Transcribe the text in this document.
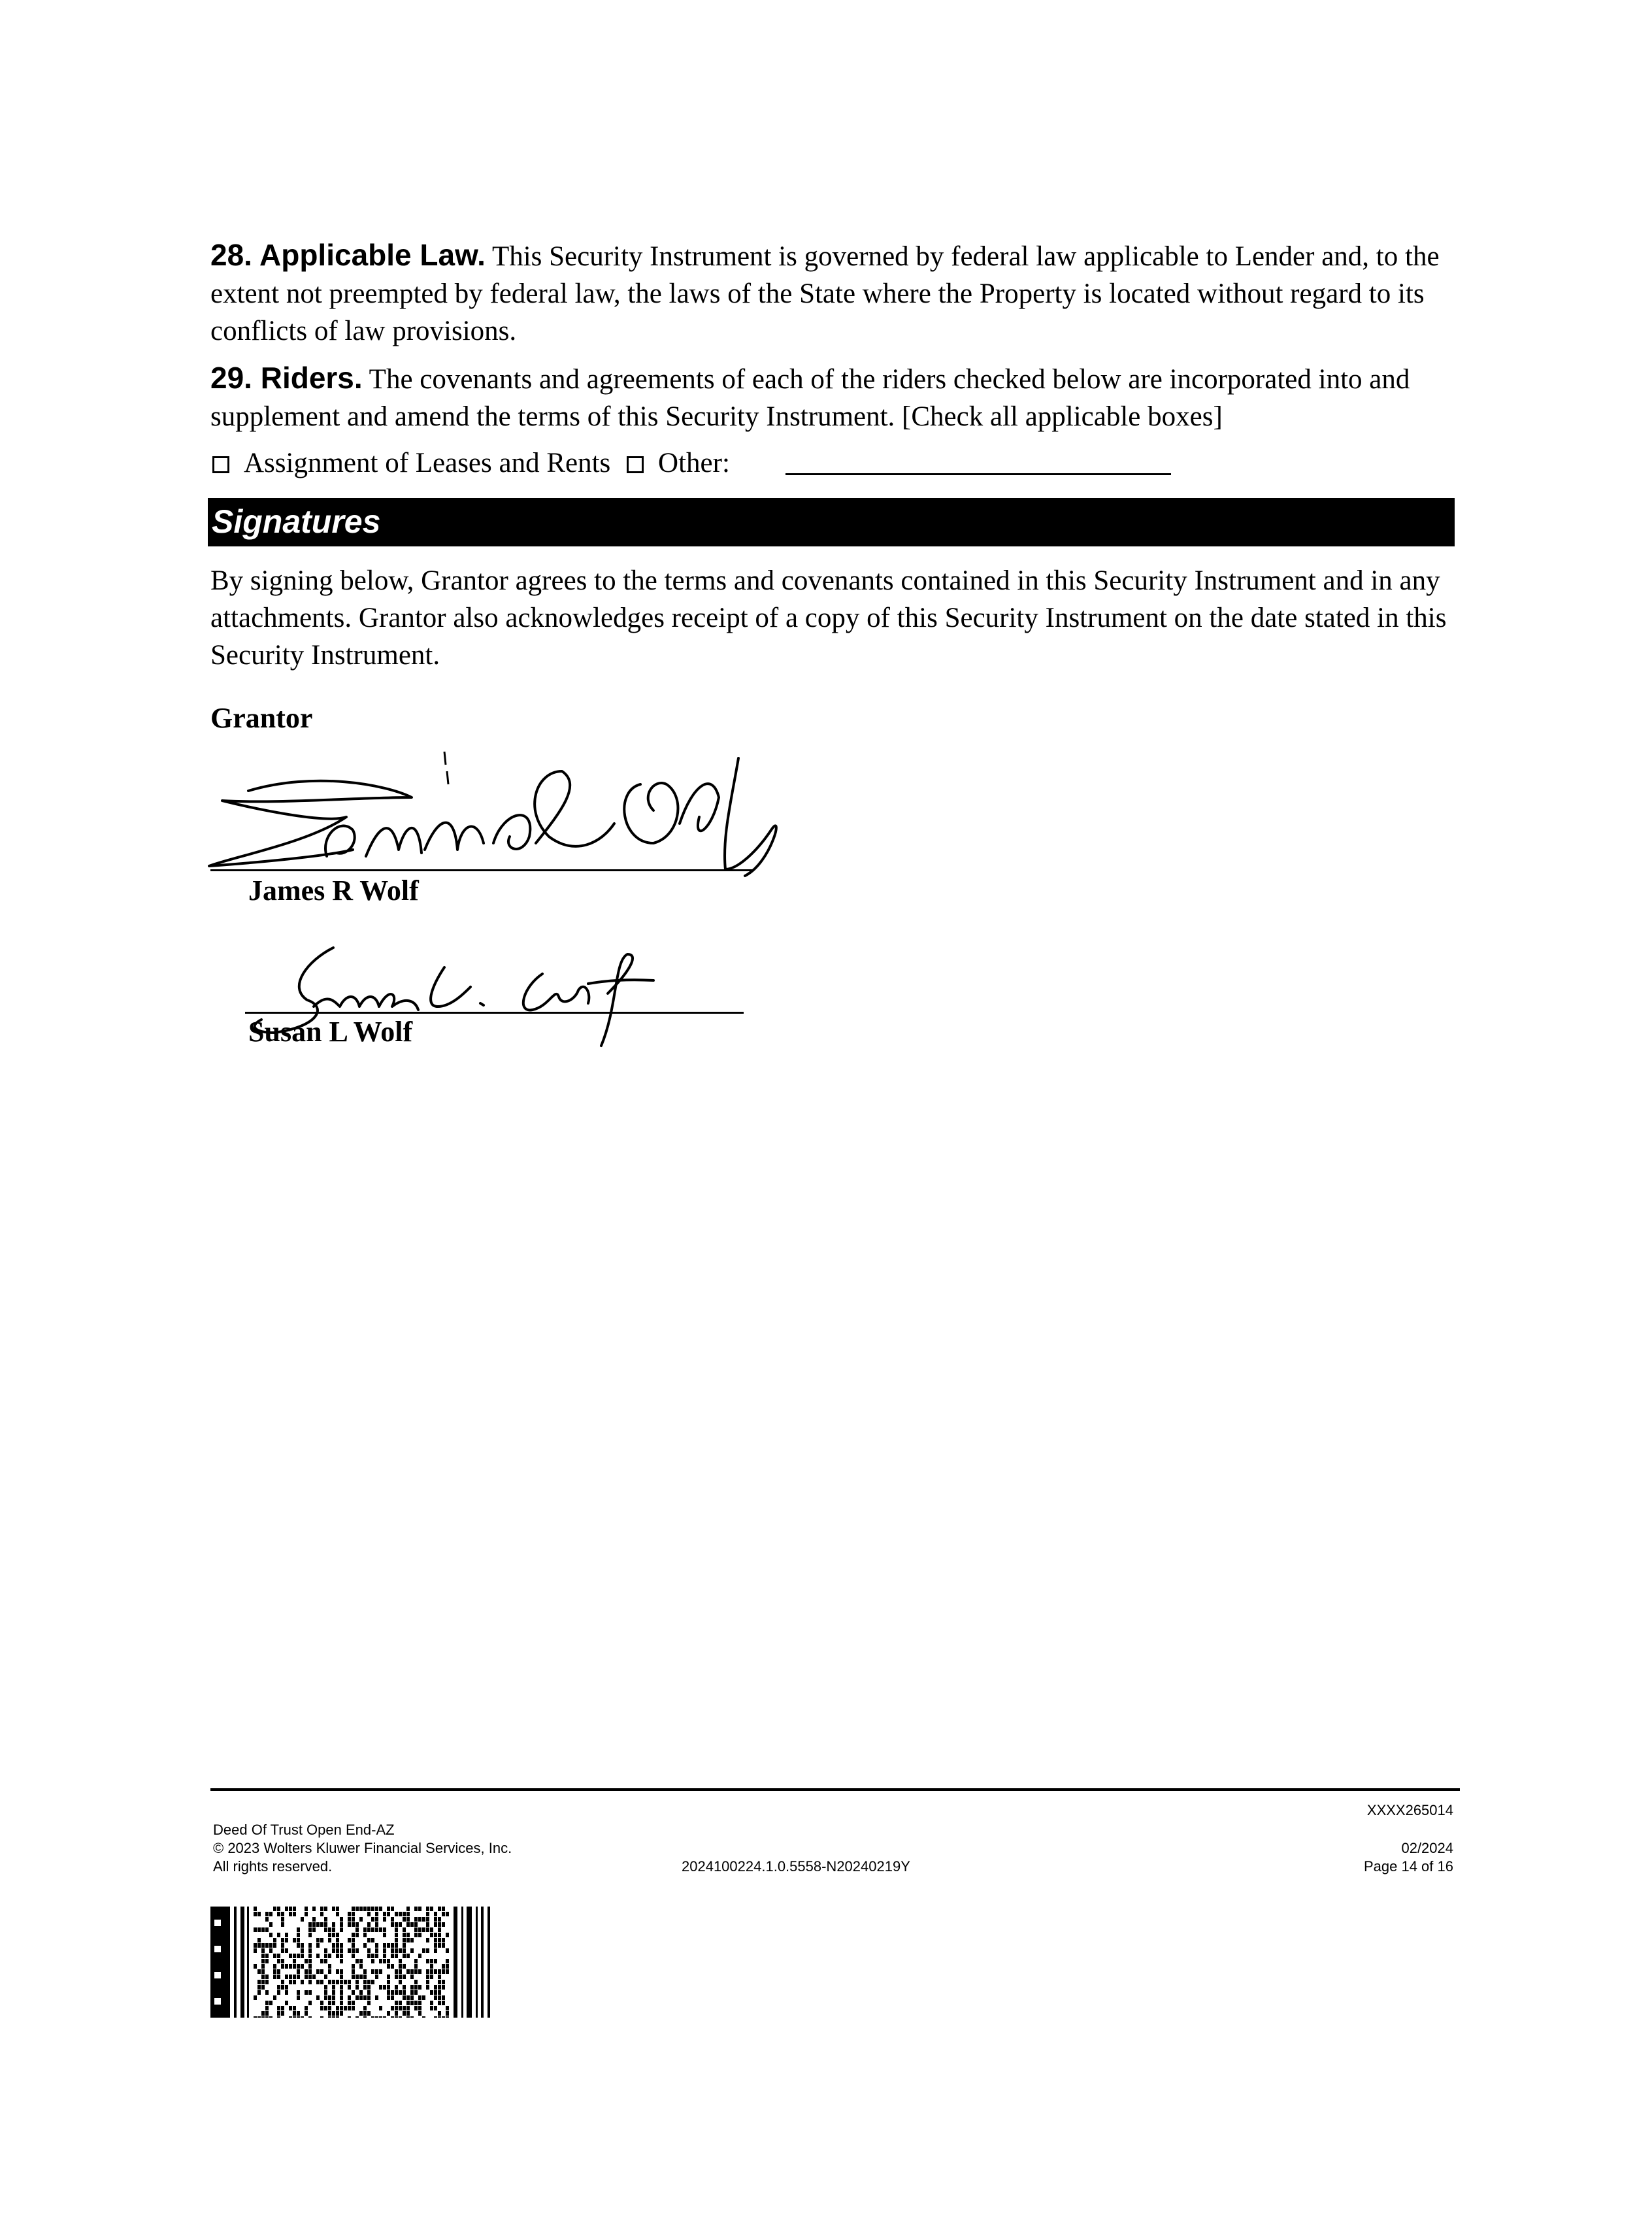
28. Applicable Law. This Security Instrument is governed by federal law applicable to Lender and, to the extent not preempted by federal law, the laws of the State where the Property is located without regard to its conflicts of law provisions.

29. Riders. The covenants and agreements of each of the riders checked below are incorporated into and supplement and amend the terms of this Security Instrument. [Check all applicable boxes]

Assignment of Leases and Rents Other:
Signatures

By signing below, Grantor agrees to the terms and covenants contained in this Security Instrument and in any attachments. Grantor also acknowledges receipt of a copy of this Security Instrument on the date stated in this Security Instrument.

Grantor
James R Wolf
Susan L Wolf
XXXX265014
Deed Of Trust Open End-AZ
© 2023 Wolters Kluwer Financial Services, Inc.
All rights reserved.	2024100224.1.0.5558-N20240219Y
02/2024
Page 14 of 16
